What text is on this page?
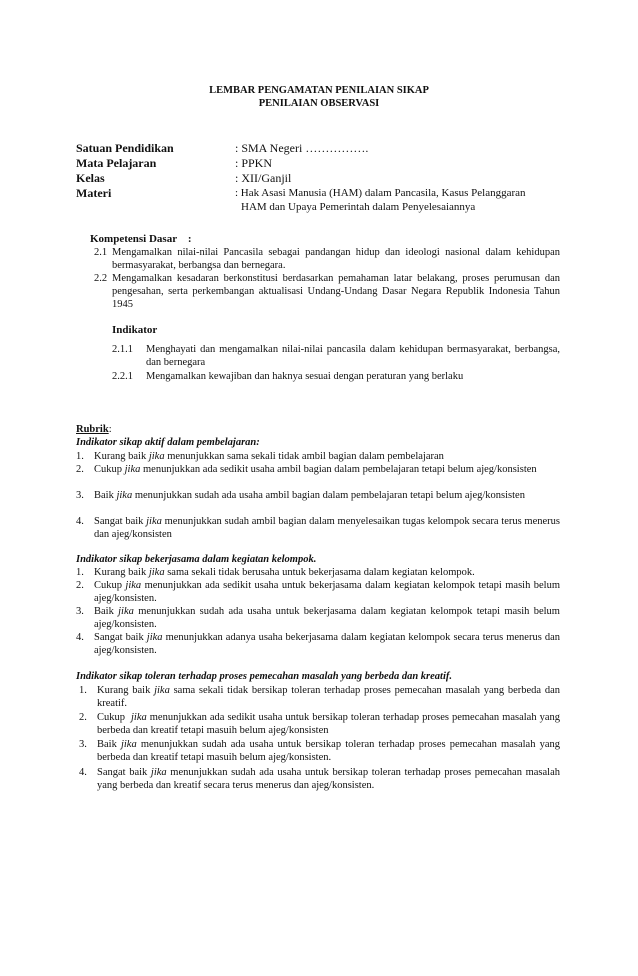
LEMBAR PENGAMATAN PENILAIAN SIKAP
PENILAIAN OBSERVASI
Satuan Pendidikan	: SMA Negeri …………….
Mata Pelajaran	: PPKN
Kelas	: XII/Ganjil
Materi	: Hak Asasi Manusia (HAM) dalam Pancasila, Kasus Pelanggaran
HAM dan Upaya Pemerintah dalam Penyelesaiannya
Kompetensi Dasar    :
2.1 Mengamalkan nilai-nilai Pancasila sebagai pandangan hidup dan ideologi nasional dalam kehidupan bermasyarakat, berbangsa dan bernegara.
2.2 Mengamalkan kesadaran berkonstitusi berdasarkan pemahaman latar belakang, proses perumusan dan pengesahan, serta perkembangan aktualisasi Undang-Undang Dasar Negara Republik Indonesia Tahun 1945
Indikator
2.1.1 Menghayati dan mengamalkan nilai-nilai pancasila dalam kehidupan bermasyarakat, berbangsa, dan bernegara
2.2.1 Mengamalkan kewajiban dan haknya sesuai dengan peraturan yang berlaku
Rubrik:
Indikator sikap aktif dalam pembelajaran:
1. Kurang baik jika menunjukkan sama sekali tidak ambil bagian dalam pembelajaran
2. Cukup jika menunjukkan ada sedikit usaha ambil bagian dalam pembelajaran tetapi belum ajeg/konsisten
3. Baik jika menunjukkan sudah ada usaha ambil bagian dalam pembelajaran tetapi belum ajeg/konsisten
4. Sangat baik jika menunjukkan sudah ambil bagian dalam menyelesaikan tugas kelompok secara terus menerus dan ajeg/konsisten
Indikator sikap bekerjasama dalam kegiatan kelompok.
1. Kurang baik jika sama sekali tidak berusaha untuk bekerjasama dalam kegiatan kelompok.
2. Cukup jika menunjukkan ada sedikit usaha untuk bekerjasama dalam kegiatan kelompok tetapi masih belum ajeg/konsisten.
3. Baik jika menunjukkan sudah ada usaha untuk bekerjasama dalam kegiatan kelompok tetapi masih belum ajeg/konsisten.
4. Sangat baik jika menunjukkan adanya usaha bekerjasama dalam kegiatan kelompok secara terus menerus dan ajeg/konsisten.
Indikator sikap toleran terhadap proses pemecahan masalah yang berbeda dan kreatif.
1. Kurang baik jika sama sekali tidak bersikap toleran terhadap proses pemecahan masalah yang berbeda dan kreatif.
2. Cukup  jika menunjukkan ada sedikit usaha untuk bersikap toleran terhadap proses pemecahan masalah yang berbeda dan kreatif tetapi masuih belum ajeg/konsisten
3. Baik jika menunjukkan sudah ada usaha untuk bersikap toleran terhadap proses pemecahan masalah yang berbeda dan kreatif tetapi masuih belum ajeg/konsisten.
4. Sangat baik jika menunjukkan sudah ada usaha untuk bersikap toleran terhadap proses pemecahan masalah yang berbeda dan kreatif secara terus menerus dan ajeg/konsisten.
